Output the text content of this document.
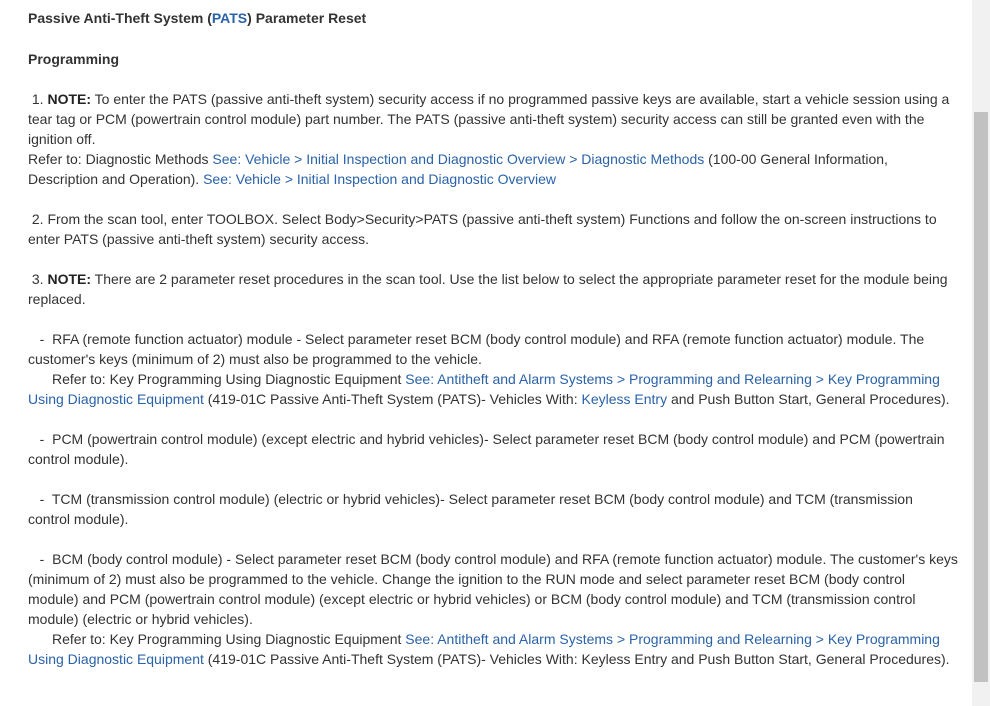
Passive Anti-Theft System (PATS) Parameter Reset

Programming

1. NOTE: To enter the PATS (passive anti-theft system) security access if no programmed passive keys are available, start a vehicle session using a tear tag or PCM (powertrain control module) part number. The PATS (passive anti-theft system) security access can still be granted even with the ignition off.

Refer to: Diagnostic Methods See: Vehicle > Initial Inspection and Diagnostic Overview > Diagnostic Methods (100-00 General Information, Description and Operation). See: Vehicle > Initial Inspection and Diagnostic Overview

2. From the scan tool, enter TOOLBOX. Select Body>Security>PATS (passive anti-theft system) Functions and follow the on-screen instructions to enter PATS (passive anti-theft system) security access.

3. NOTE: There are 2 parameter reset procedures in the scan tool. Use the list below to select the appropriate parameter reset for the module being replaced.

-  RFA (remote function actuator) module - Select parameter reset BCM (body control module) and RFA (remote function actuator) module. The customer's keys (minimum of 2) must also be programmed to the vehicle.

Refer to: Key Programming Using Diagnostic Equipment See: Antitheft and Alarm Systems > Programming and Relearning > Key Programming Using Diagnostic Equipment (419-01C Passive Anti-Theft System (PATS)- Vehicles With: Keyless Entry and Push Button Start, General Procedures).

-  PCM (powertrain control module) (except electric and hybrid vehicles)- Select parameter reset BCM (body control module) and PCM (powertrain control module).

-  TCM (transmission control module) (electric or hybrid vehicles)- Select parameter reset BCM (body control module) and TCM (transmission control module).

-  BCM (body control module) - Select parameter reset BCM (body control module) and RFA (remote function actuator) module. The customer's keys (minimum of 2) must also be programmed to the vehicle. Change the ignition to the RUN mode and select parameter reset BCM (body control module) and PCM (powertrain control module) (except electric or hybrid vehicles) or BCM (body control module) and TCM (transmission control module) (electric or hybrid vehicles).

Refer to: Key Programming Using Diagnostic Equipment See: Antitheft and Alarm Systems > Programming and Relearning > Key Programming Using Diagnostic Equipment (419-01C Passive Anti-Theft System (PATS)- Vehicles With: Keyless Entry and Push Button Start, General Procedures).
